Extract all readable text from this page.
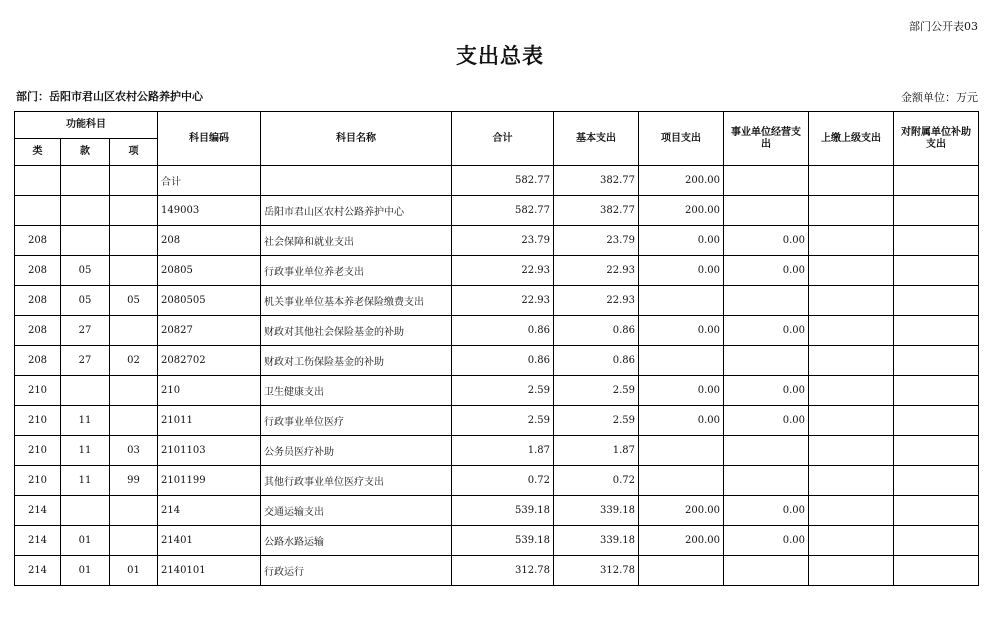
部门公开表03
支出总表
部门：岳阳市君山区农村公路养护中心	金额单位：万元
功能科目			科目编码	科目名称	合计	基本支出	项目支出	事业单位经营支出	上缴上级支出	对附属单位补助支出
类	款	项								
			合计		582.77	382.77	200.00			
			149003	岳阳市君山区农村公路养护中心	582.77	382.77	200.00			
208			208	社会保障和就业支出	23.79	23.79	0.00	0.00		
208	05		20805	行政事业单位养老支出	22.93	22.93	0.00	0.00		
208	05	05	2080505	机关事业单位基本养老保险缴费支出	22.93	22.93				
208	27		20827	财政对其他社会保险基金的补助	0.86	0.86	0.00	0.00		
208	27	02	2082702	财政对工伤保险基金的补助	0.86	0.86				
210			210	卫生健康支出	2.59	2.59	0.00	0.00		
210	11		21011	行政事业单位医疗	2.59	2.59	0.00	0.00		
210	11	03	2101103	公务员医疗补助	1.87	1.87				
210	11	99	2101199	其他行政事业单位医疗支出	0.72	0.72				
214			214	交通运输支出	539.18	339.18	200.00	0.00		
214	01		21401	公路水路运输	539.18	339.18	200.00	0.00		
214	01	01	2140101	行政运行	312.78	312.78				
